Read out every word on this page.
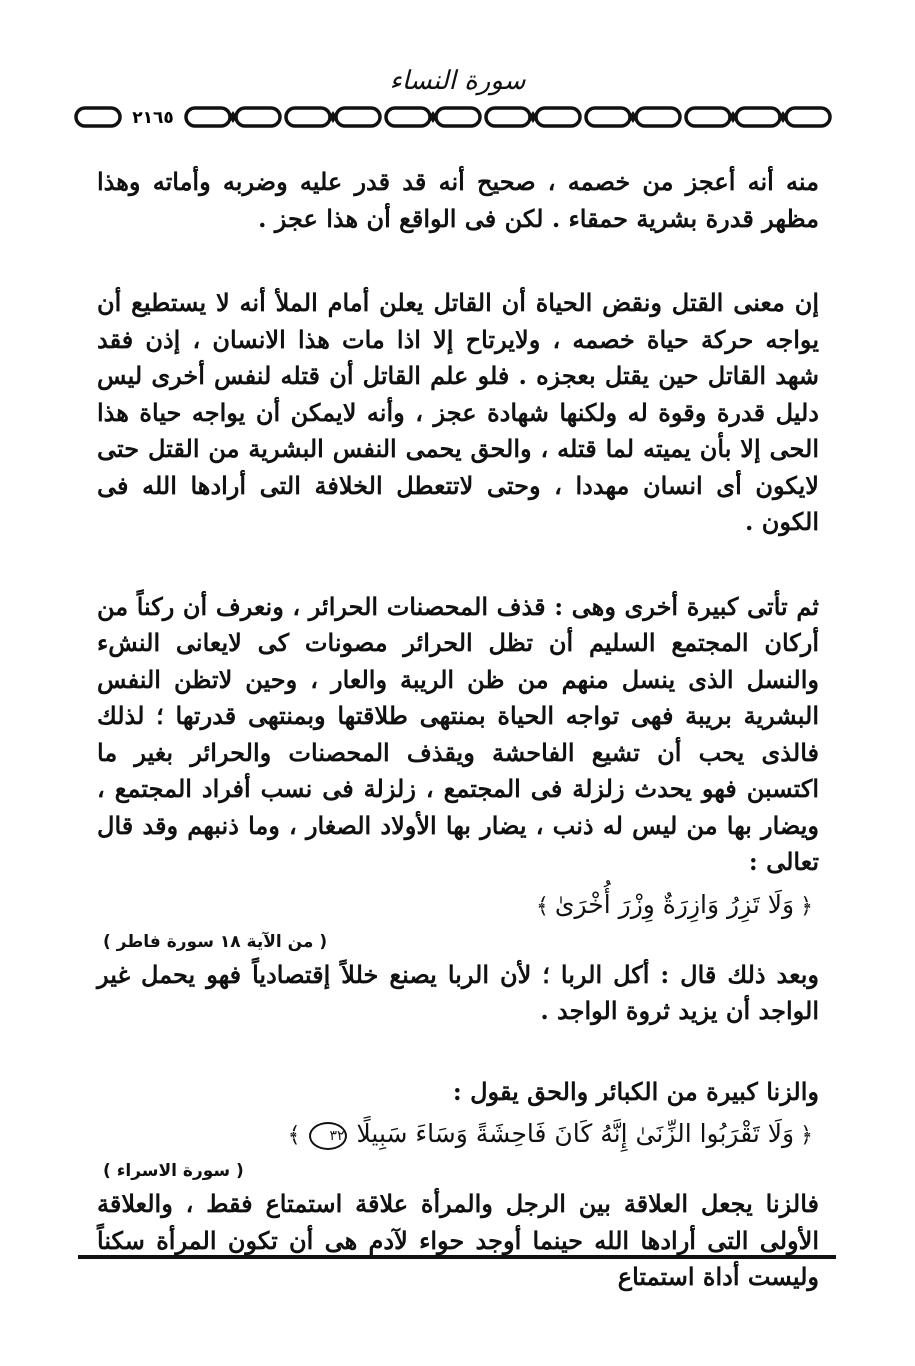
سورة النساء
٢١٦٥

منه أنه أعجز من خصمه ، صحيح أنه قد قدر عليه وضربه وأماته وهذا مظهر قدرة بشرية حمقاء . لكن فى الواقع أن هذا عجز .

إن معنى القتل ونقض الحياة أن القاتل يعلن أمام الملأ أنه لا يستطيع أن يواجه حركة حياة خصمه ، ولايرتاح إلا اذا مات هذا الانسان ، إذن فقد شهد القاتل حين يقتل بعجزه . فلو علم القاتل أن قتله لنفس أخرى ليس دليل قدرة وقوة له ولكنها شهادة عجز ، وأنه لايمكن أن يواجه حياة هذا الحى إلا بأن يميته لما قتله ، والحق يحمى النفس البشرية من القتل حتى لايكون أى انسان مهددا ، وحتى لاتتعطل الخلافة التى أرادها الله فى الكون .

ثم تأتى كبيرة أخرى وهى : قذف المحصنات الحرائر ، ونعرف أن ركناً من أركان المجتمع السليم أن تظل الحرائر مصونات كى لايعانى النشء والنسل الذى ينسل منهم من ظن الريبة والعار ، وحين لاتظن النفس البشرية بريبة فهى تواجه الحياة بمنتهى طلاقتها وبمنتهى قدرتها ؛ لذلك فالذى يحب أن تشيع الفاحشة ويقذف المحصنات والحرائر بغير ما اكتسبن فهو يحدث زلزلة فى المجتمع ، زلزلة فى نسب أفراد المجتمع ، ويضار بها من ليس له ذنب ، يضار بها الأولاد الصغار ، وما ذنبهم وقد قال تعالى :

﴿وَلَا تَزِرُ وَازِرَةٌ وِزْرَ أُخْرَىٰ﴾

( من الآية ١٨ سورة فاطر )

وبعد ذلك قال : أكل الربا ؛ لأن الربا يصنع خللاً إقتصادياً فهو يحمل غير الواجد أن يزيد ثروة الواجد .

والزنا كبيرة من الكبائر والحق يقول :

﴿وَلَا تَقْرَبُوا الزِّنَىٰ إِنَّهُ كَانَ فَاحِشَةً وَسَاءَ سَبِيلًا ٣٢﴾

( سورة الاسراء )

فالزنا يجعل العلاقة بين الرجل والمرأة علاقة استمتاع فقط ، والعلاقة الأولى التى أرادها الله حينما أوجد حواء لآدم هى أن تكون المرأة سكناً وليست أداة استمتاع
